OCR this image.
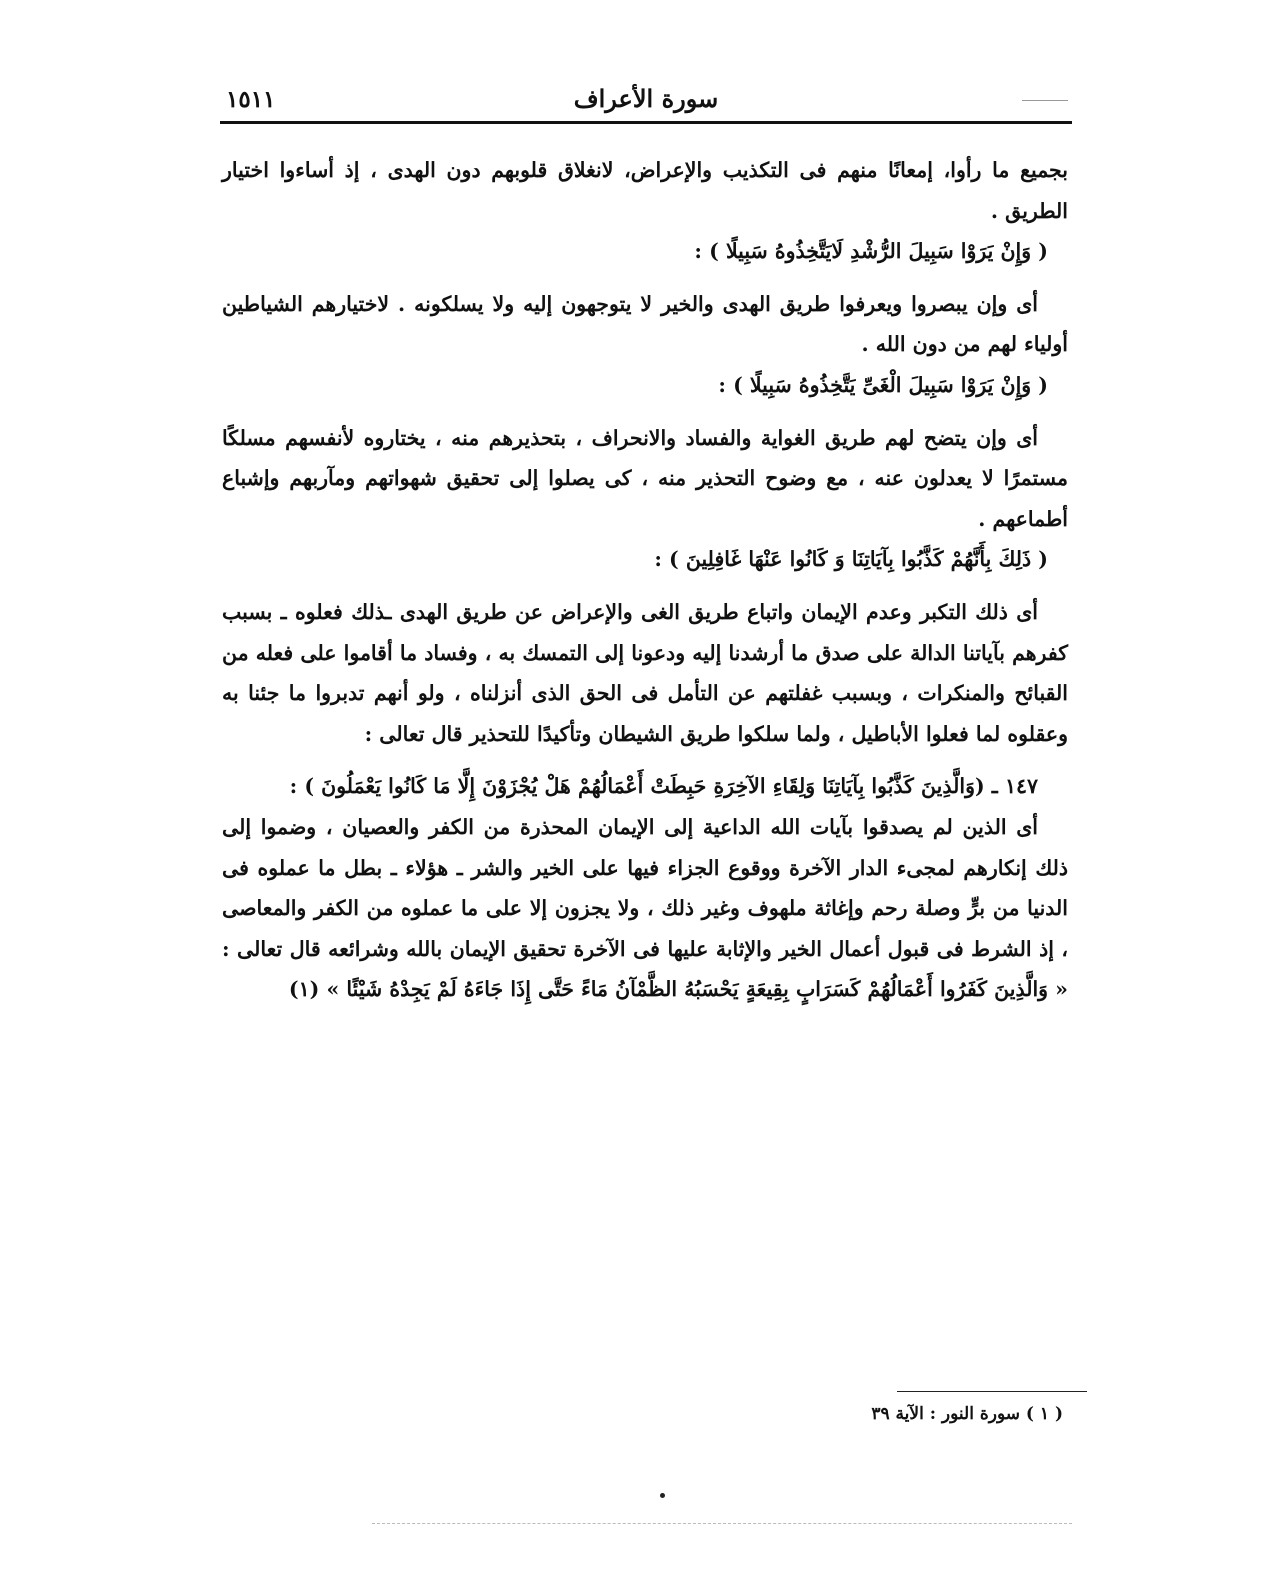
سورة الأعراف
١٥١١

بجميع ما رأوا، إمعانًا منهم فى التكذيب والإعراض، لانغلاق قلوبهم دون الهدى ، إذ أساءوا اختيار الطريق .

( وَإِنْ يَرَوْا سَبِيلَ الرُّشْدِ لَايَتَّخِذُوهُ سَبِيلًا ) :

أى وإن يبصروا ويعرفوا طريق الهدى والخير لا يتوجهون إليه ولا يسلكونه . لاختيارهم الشياطين أولياء لهم من دون الله .

( وَإِنْ يَرَوْا سَبِيلَ الْغَىِّ يَتَّخِذُوهُ سَبِيلًا ) :

أى وإن يتضح لهم طريق الغواية والفساد والانحراف ، بتحذيرهم منه ، يختاروه لأنفسهم مسلكًا مستمرًا لا يعدلون عنه ، مع وضوح التحذير منه ، كى يصلوا إلى تحقيق شهواتهم ومآربهم وإشباع أطماعهم .

( ذَلِكَ بِأَنَّهُمْ كَذَّبُوا بِآيَاتِنَا وَ كَانُوا عَنْهَا غَافِلِينَ ) :

أى ذلك التكبر وعدم الإيمان واتباع طريق الغى والإعراض عن طريق الهدى ـذلك فعلوه ـ بسبب كفرهم بآياتنا الدالة على صدق ما أرشدنا إليه ودعونا إلى التمسك به ، وفساد ما أقاموا على فعله من القبائح والمنكرات ، وبسبب غفلتهم عن التأمل فى الحق الذى أنزلناه ، ولو أنهم تدبروا ما جئنا به وعقلوه لما فعلوا الأباطيل ، ولما سلكوا طريق الشيطان وتأكيدًا للتحذير قال تعالى :

١٤٧ ـ (وَالَّذِينَ كَذَّبُوا بِآيَاتِنَا وَلِقَاءِ الآخِرَةِ حَبِطَتْ أَعْمَالُهُمْ هَلْ يُجْزَوْنَ إِلَّا مَا كَانُوا يَعْمَلُونَ ) :

أى الذين لم يصدقوا بآيات الله الداعية إلى الإيمان المحذرة من الكفر والعصيان ، وضموا إلى ذلك إنكارهم لمجىء الدار الآخرة ووقوع الجزاء فيها على الخير والشر ـ هؤلاء ـ بطل ما عملوه فى الدنيا من برٍّ وصلة رحم وإغاثة ملهوف وغير ذلك ، ولا يجزون إلا على ما عملوه من الكفر والمعاصى ، إذ الشرط فى قبول أعمال الخير والإثابة عليها فى الآخرة تحقيق الإيمان بالله وشرائعه قال تعالى : « وَالَّذِينَ كَفَرُوا أَعْمَالُهُمْ كَسَرَابٍ بِقِيعَةٍ يَحْسَبُهُ الظَّمْآنُ مَاءً حَتَّى إِذَا جَاءَهُ لَمْ يَجِدْهُ شَيْئًا » (١)

( ١ ) سورة النور : الآية ٣٩
